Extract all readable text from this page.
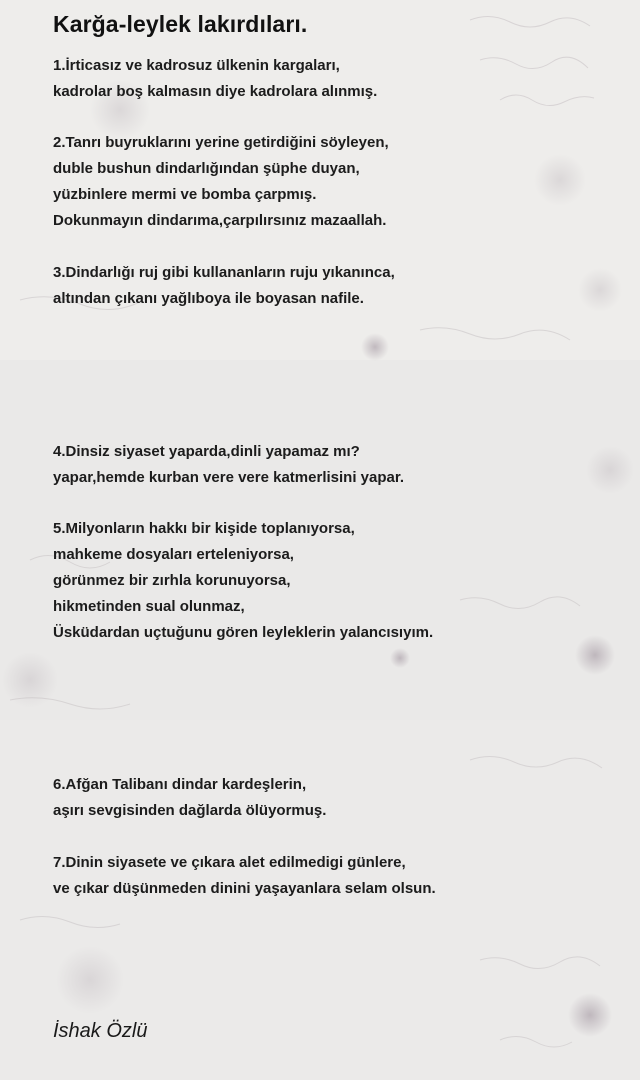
Karğa-leylek lakırdıları.

1.İrticasız ve kadrosuz ülkenin kargaları,

kadrolar boş kalmasın diye kadrolara alınmış.

2.Tanrı buyruklarını yerine getirdiğini söyleyen,

duble bushun dindarlığından şüphe duyan,

yüzbinlere mermi ve bomba çarpmış.

Dokunmayın dindarıma,çarpılırsınız mazaallah.

3.Dindarlığı ruj gibi kullananların ruju yıkanınca,

altından çıkanı yağlıboya ile boyasan nafile.

4.Dinsiz siyaset yaparda,dinli yapamaz mı?

yapar,hemde kurban vere vere katmerlisini yapar.

5.Milyonların hakkı bir kişide toplanıyorsa,

mahkeme dosyaları erteleniyorsa,

görünmez bir zırhla korunuyorsa,

hikmetinden sual olunmaz,

Üsküdardan uçtuğunu gören leyleklerin yalancısıyım.

6.Afğan Talibanı dindar kardeşlerin,

aşırı sevgisinden dağlarda ölüyormuş.

7.Dinin siyasete ve çıkara alet edilmedigi günlere,

ve çıkar düşünmeden dinini yaşayanlara selam olsun.

İshak Özlü
